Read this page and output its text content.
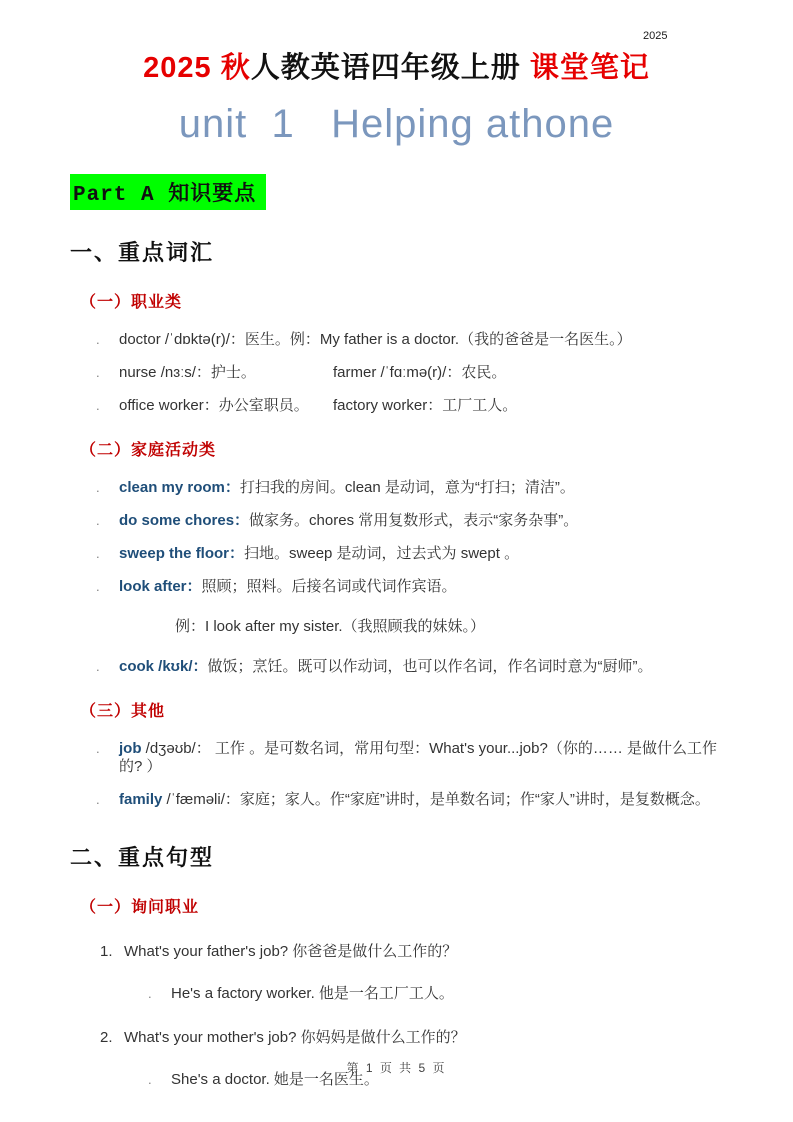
2025
2025 秋人教英语四年级上册 课堂笔记
unit  1   Helping athone
Part A 知识要点
一、重点词汇
（一）职业类
.	doctor /ˈdɒktə(r)/：医生。例：My father is a doctor.（我的爸爸是一名医生。）
.	nurse /nɜːs/：护士。	farmer /ˈfɑːmə(r)/：农民。
.	office worker：办公室职员。	factory worker：工厂工人。
（二）家庭活动类
.	clean my room：打扫我的房间。clean 是动词，意为“打扫；清洁”。
.	do some chores：做家务。chores 常用复数形式，表示“家务杂事”。
.	sweep the floor：扫地。sweep 是动词，过去式为 swept 。
.	look after：照顾；照料。后接名词或代词作宾语。
例：I look after my sister.（我照顾我的妹妹。）
.	cook /kʊk/：做饭；烹饪。既可以作动词，也可以作名词，作名词时意为“厨师”。
（三）其他
.	job /dʒəʊb/： 工作 。是可数名词，常用句型：What's your...job?（你的…… 是做什么工作的? ）
.	family /ˈfæməli/：家庭；家人。作“家庭”讲时，是单数名词；作“家人”讲时，是复数概念。
二、重点句型
（一）询问职业
1. What's your father's job? 你爸爸是做什么工作的？
.	He's a factory worker. 他是一名工厂工人。
2. What's your mother's job? 你妈妈是做什么工作的？
.	She's a doctor. 她是一名医生。
第 1 页 共 5 页
